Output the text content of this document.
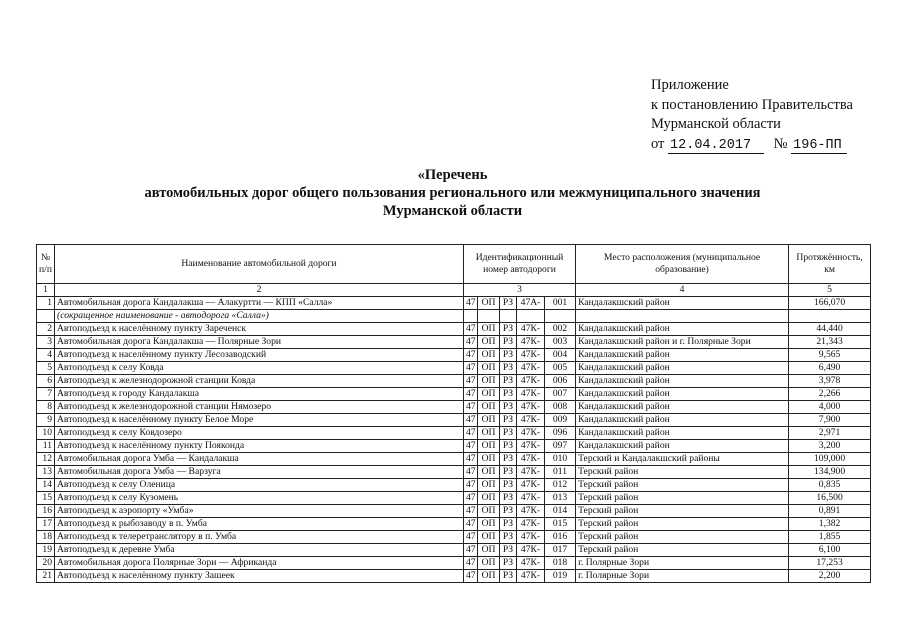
Приложение
к постановлению Правительства
Мурманской области
от 12.04.2017 № 196-ПП
«Перечень
автомобильных дорог общего пользования регионального или межмуниципального значения
Мурманской области
№ п/п	Наименование автомобильной дороги	Идентификационный номер автодороги					Место расположения (муниципальное образование)	Протяжённость, км
1	2	3					4	5
1	Автомобильная дорога Кандалакша — Алакуртти — КПП «Салла»	47	ОП	РЗ	47А-	001	Кандалакшский район	166,070
	(сокращенное наименование - автодорога «Салла»)							
2	Автоподъезд к населённому пункту Зареченск	47	ОП	РЗ	47К-	002	Кандалакшский район	44,440
3	Автомобильная дорога Кандалакша — Полярные Зори	47	ОП	РЗ	47К-	003	Кандалакшский район и г. Полярные Зори	21,343
4	Автоподъезд к населённому пункту Лесозаводский	47	ОП	РЗ	47К-	004	Кандалакшский район	9,565
5	Автоподъезд к селу Ковда	47	ОП	РЗ	47К-	005	Кандалакшский район	6,490
6	Автоподъезд к железнодорожной станции Ковда	47	ОП	РЗ	47К-	006	Кандалакшский район	3,978
7	Автоподъезд к городу Кандалакша	47	ОП	РЗ	47К-	007	Кандалакшский район	2,266
8	Автоподъезд к железнодорожной станции Нямозеро	47	ОП	РЗ	47К-	008	Кандалакшский район	4,000
9	Автоподъезд к населённому пункту Белое Море	47	ОП	РЗ	47К-	009	Кандалакшский район	7,900
10	Автоподъезд к селу Ковдозеро	47	ОП	РЗ	47К-	096	Кандалакшский район	2,971
11	Автоподъезд к населённому пункту Пояконда	47	ОП	РЗ	47К-	097	Кандалакшский район	3,200
12	Автомобильная дорога Умба — Кандалакша	47	ОП	РЗ	47К-	010	Терский и Кандалакшский районы	109,000
13	Автомобильная дорога Умба — Варзуга	47	ОП	РЗ	47К-	011	Терский район	134,900
14	Автоподъезд к селу Оленица	47	ОП	РЗ	47К-	012	Терский район	0,835
15	Автоподъезд к селу Кузомень	47	ОП	РЗ	47К-	013	Терский район	16,500
16	Автоподъезд к аэропорту «Умба»	47	ОП	РЗ	47К-	014	Терский район	0,891
17	Автоподъезд к рыбозаводу в п. Умба	47	ОП	РЗ	47К-	015	Терский район	1,382
18	Автоподъезд к телеретранслятору в п. Умба	47	ОП	РЗ	47К-	016	Терский район	1,855
19	Автоподъезд к деревне Умба	47	ОП	РЗ	47К-	017	Терский район	6,100
20	Автомобильная дорога Полярные Зори — Африканда	47	ОП	РЗ	47К-	018	г. Полярные Зори	17,253
21	Автоподъезд к населённому пункту Зашеек	47	ОП	РЗ	47К-	019	г. Полярные Зори	2,200
